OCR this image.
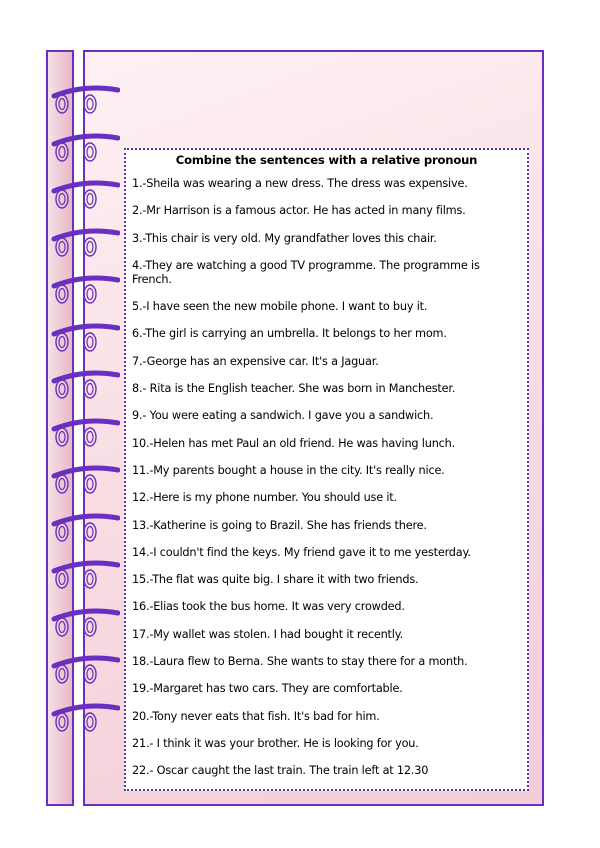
Combine the sentences with a relative pronoun
1.-Sheila was wearing a new dress. The dress was expensive.
2.-Mr Harrison is a famous actor. He has acted in many films.
3.-This chair is very old. My grandfather loves this chair.
4.-They are watching a good TV programme. The programme is French.
5.-I have seen the new mobile phone. I want to buy it.
6.-The girl is carrying an umbrella. It belongs to her mom.
7.-George has an expensive car. It's a Jaguar.
8.- Rita is the English teacher. She was born in Manchester.
9.- You were eating a sandwich. I gave you a sandwich.
10.-Helen has met Paul an old friend. He was having lunch.
11.-My parents bought a house in the city. It's really nice.
12.-Here is my phone number. You should use it.
13.-Katherine is going to Brazil. She has friends there.
14.-I couldn't find the keys. My friend gave it to me yesterday.
15.-The flat was quite big. I share it with two friends.
16.-Elias took the bus home. It was very crowded.
17.-My wallet was stolen. I had bought it recently.
18.-Laura flew to Berna. She wants to stay there for a month.
19.-Margaret has two cars. They are comfortable.
20.-Tony never eats that fish. It's bad for him.
21.- I think it was your brother. He is looking for you.
22.- Oscar caught the last train. The train left at 12.30
